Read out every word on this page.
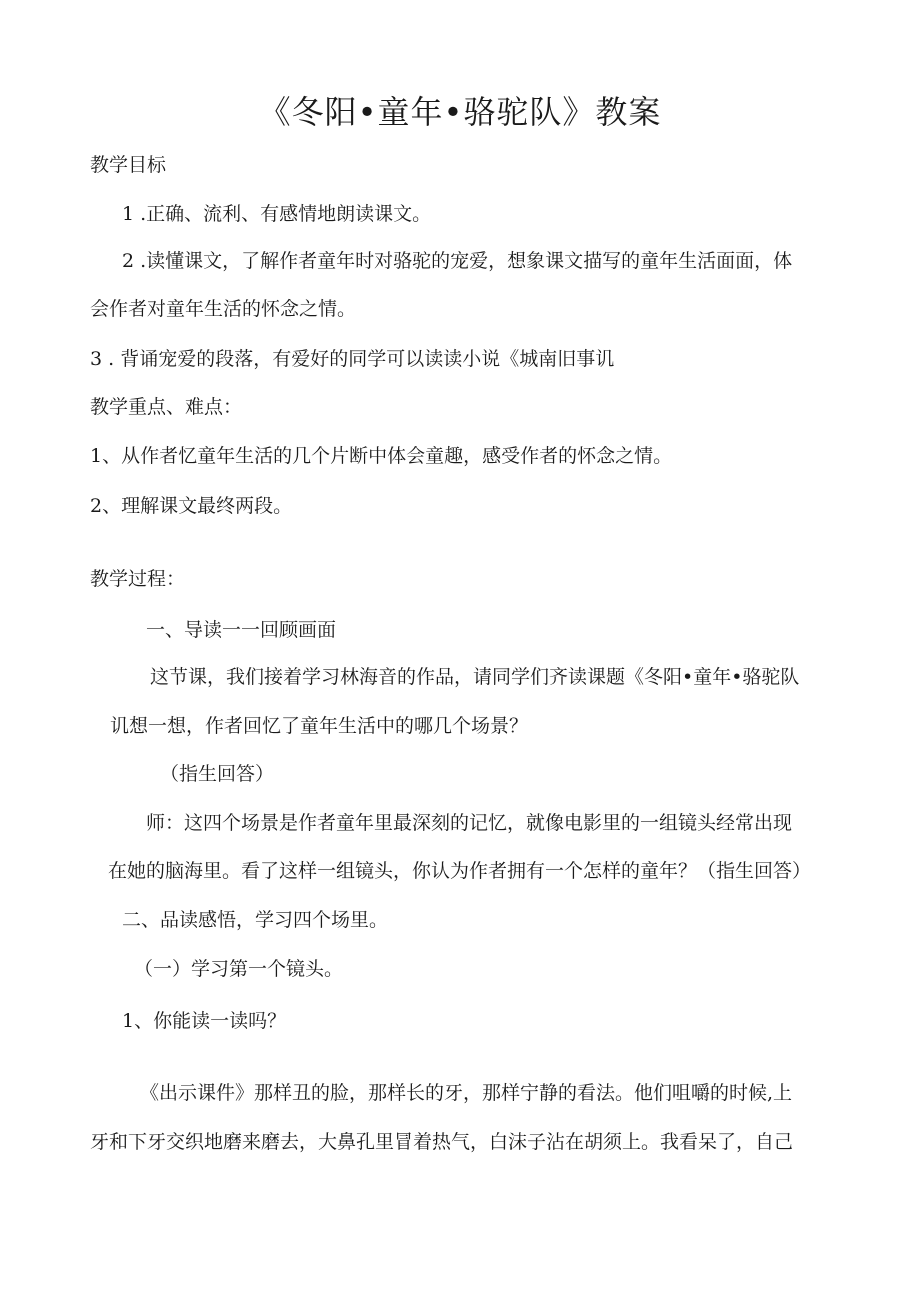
《冬阳•童年•骆驼队》教案
教学目标
1 .正确、流利、有感情地朗读课文。
2 .读懂课文，了解作者童年时对骆驼的宠爱，想象课文描写的童年生活面面，体
会作者对童年生活的怀念之情。
3 . 背诵宠爱的段落，有爱好的同学可以读读小说《城南旧事讥
教学重点、难点：
1、从作者忆童年生活的几个片断中体会童趣，感受作者的怀念之情。
2、理解课文最终两段。
教学过程：
一、导读一一回顾画面
这节课，我们接着学习林海音的作品，请同学们齐读课题《冬阳•童年•骆驼队
讥想一想，作者回忆了童年生活中的哪几个场景？
（指生回答）
师：这四个场景是作者童年里最深刻的记忆，就像电影里的一组镜头经常出现
在她的脑海里。看了这样一组镜头，你认为作者拥有一个怎样的童年？（指生回答）
二、品读感悟，学习四个场里。
（一）学习第一个镜头。
1、你能读一读吗？
《出示课件》那样丑的脸，那样长的牙，那样宁静的看法。他们咀嚼的时候,上
牙和下牙交织地磨来磨去，大鼻孔里冒着热气，白沫子沾在胡须上。我看呆了，自己
